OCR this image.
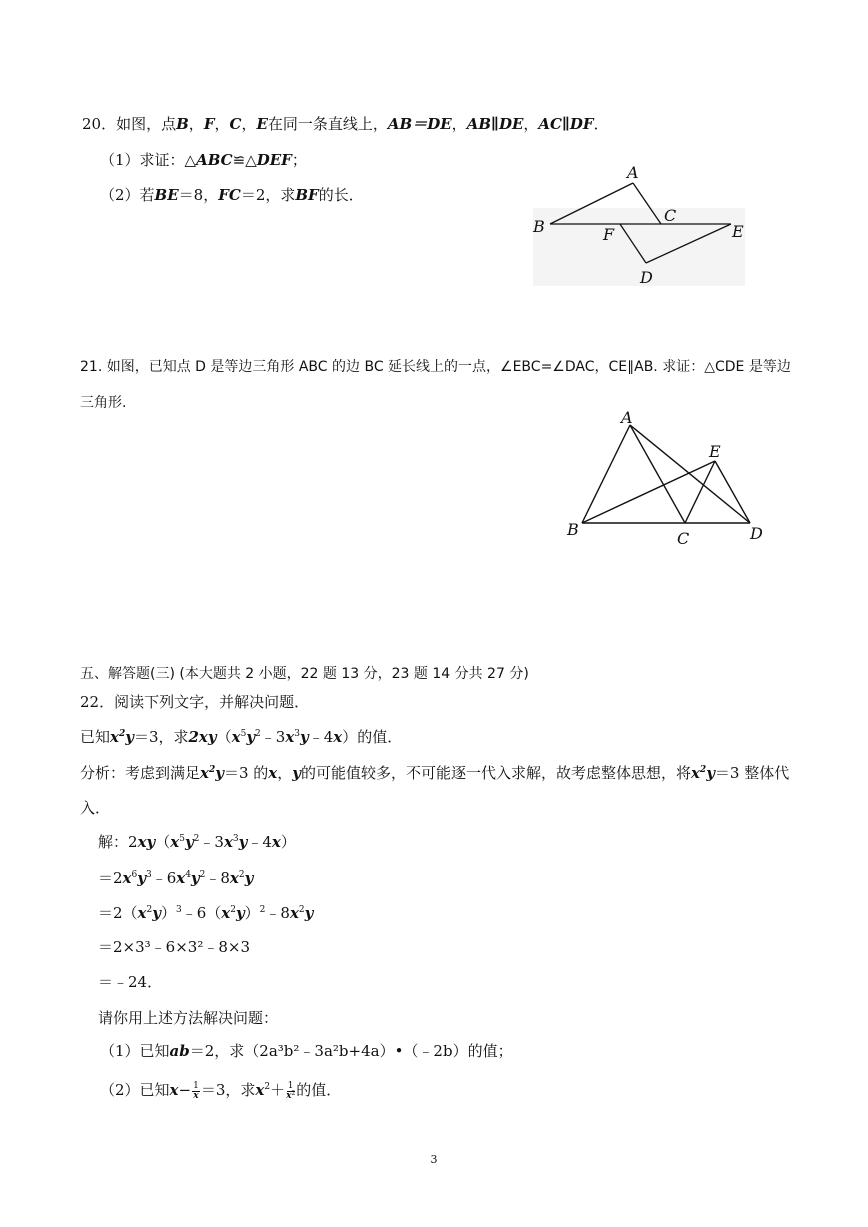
20．如图，点B，F，C，E在同一条直线上，AB＝DE，AB∥DE，AC∥DF．
（1）求证：△ABC≌△DEF；
（2）若BE＝8，FC＝2，求BF的长．
A
B
C
F	E
D
21. 如图，已知点 D 是等边三角形 ABC 的边 BC 延长线上的一点，∠EBC=∠DAC，CE∥AB. 求证：△CDE 是等边
三角形.
A
E
B	C	D
五、解答题(三) (本大题共 2 小题，22 题 13 分，23 题 14 分共 27 分)
22．阅读下列文字，并解决问题．
已知$x^2y=3$，求$2xy(x^5y^2﹣3x^3y﹣4x)$的值．
分析：考虑到满足$x^2y=3$ 的x，y的可能值较多，不可能逐一代入求解，故考虑整体思想，将$x^2y=3$ 整体代
入．
解：$2xy(x^5y^2﹣3x^3y﹣4x)$
$=2x^6y^3﹣6x^4y^2﹣8x^2y$
$=2(x^2y)^3﹣6(x^2y)^2﹣8x^2y$
＝2×3³﹣6×3²﹣8×3
＝﹣24．
请你用上述方法解决问题：
（1）已知ab＝2，求（2a³b²﹣3a²b+4a）•（﹣2b）的值；
（2）已知$x- \frac{1}{x} =3$，求$x^2+ \frac{1}{x^2}$ 的值．
3
